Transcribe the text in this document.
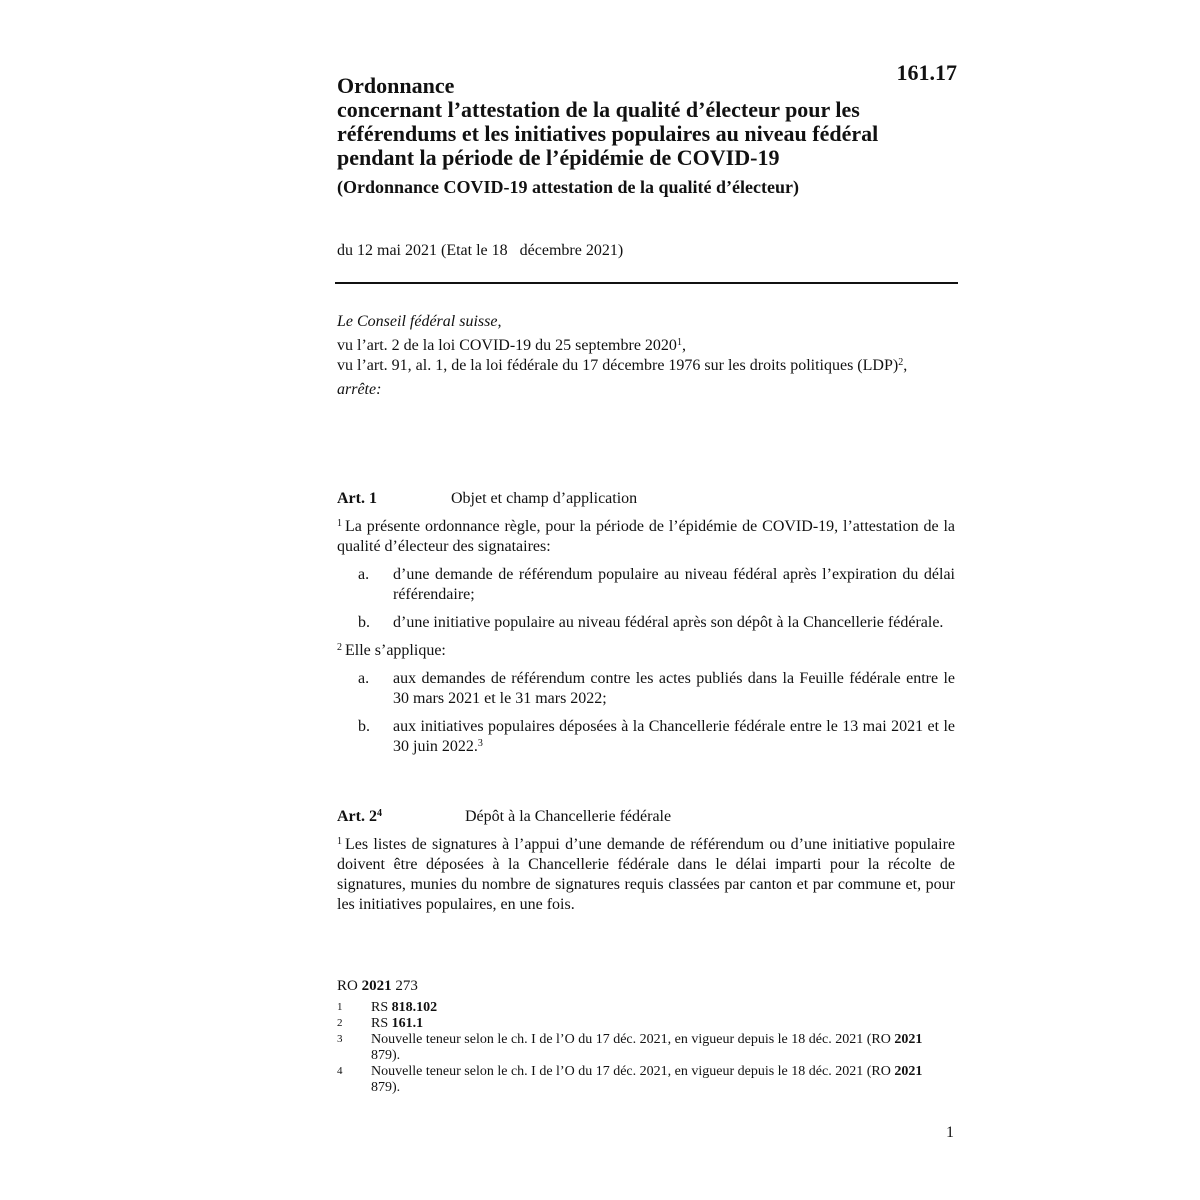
161.17
Ordonnance
concernant l’attestation de la qualité d’électeur pour les
référendums et les initiatives populaires au niveau fédéral
pendant la période de l’épidémie de COVID-19
(Ordonnance COVID-19 attestation de la qualité d’électeur)
du 12 mai 2021 (Etat le 18   décembre 2021)
Le Conseil fédéral suisse,
vu l’art. 2 de la loi COVID-19 du 25 septembre 2020$^1$,
vu l’art. 91, al. 1, de la loi fédérale du 17 décembre 1976 sur les droits politiques (LDP)$^2$,
arrête:
Art. 1	Objet et champ d’application
$^1$ La présente ordonnance règle, pour la période de l’épidémie de COVID-19, l’attestation de la qualité d’électeur des signataires:
a.	d’une demande de référendum populaire au niveau fédéral après l’expiration du délai référendaire;
b.	d’une initiative populaire au niveau fédéral après son dépôt à la Chancellerie fédérale.
$^2$ Elle s’applique:
a.	aux demandes de référendum contre les actes publiés dans la Feuille fédérale entre le 30 mars 2021 et le 31 mars 2022;
b.	aux initiatives populaires déposées à la Chancellerie fédérale entre le 13 mai 2021 et le 30 juin 2022.$^3$
Art. $2^4$	Dépôt à la Chancellerie fédérale
$^1$ Les listes de signatures à l’appui d’une demande de référendum ou d’une initiative populaire doivent être déposées à la Chancellerie fédérale dans le délai imparti pour la récolte de signatures, munies du nombre de signatures requis classées par canton et par commune et, pour les initiatives populaires, en une fois.
RO 2021 273
1	RS 818.102
2	RS 161.1
3	Nouvelle teneur selon le ch. I de l’O du 17 déc. 2021, en vigueur depuis le 18 déc. 2021 (RO 2021 879).
4	Nouvelle teneur selon le ch. I de l’O du 17 déc. 2021, en vigueur depuis le 18 déc. 2021 (RO 2021 879).
1
